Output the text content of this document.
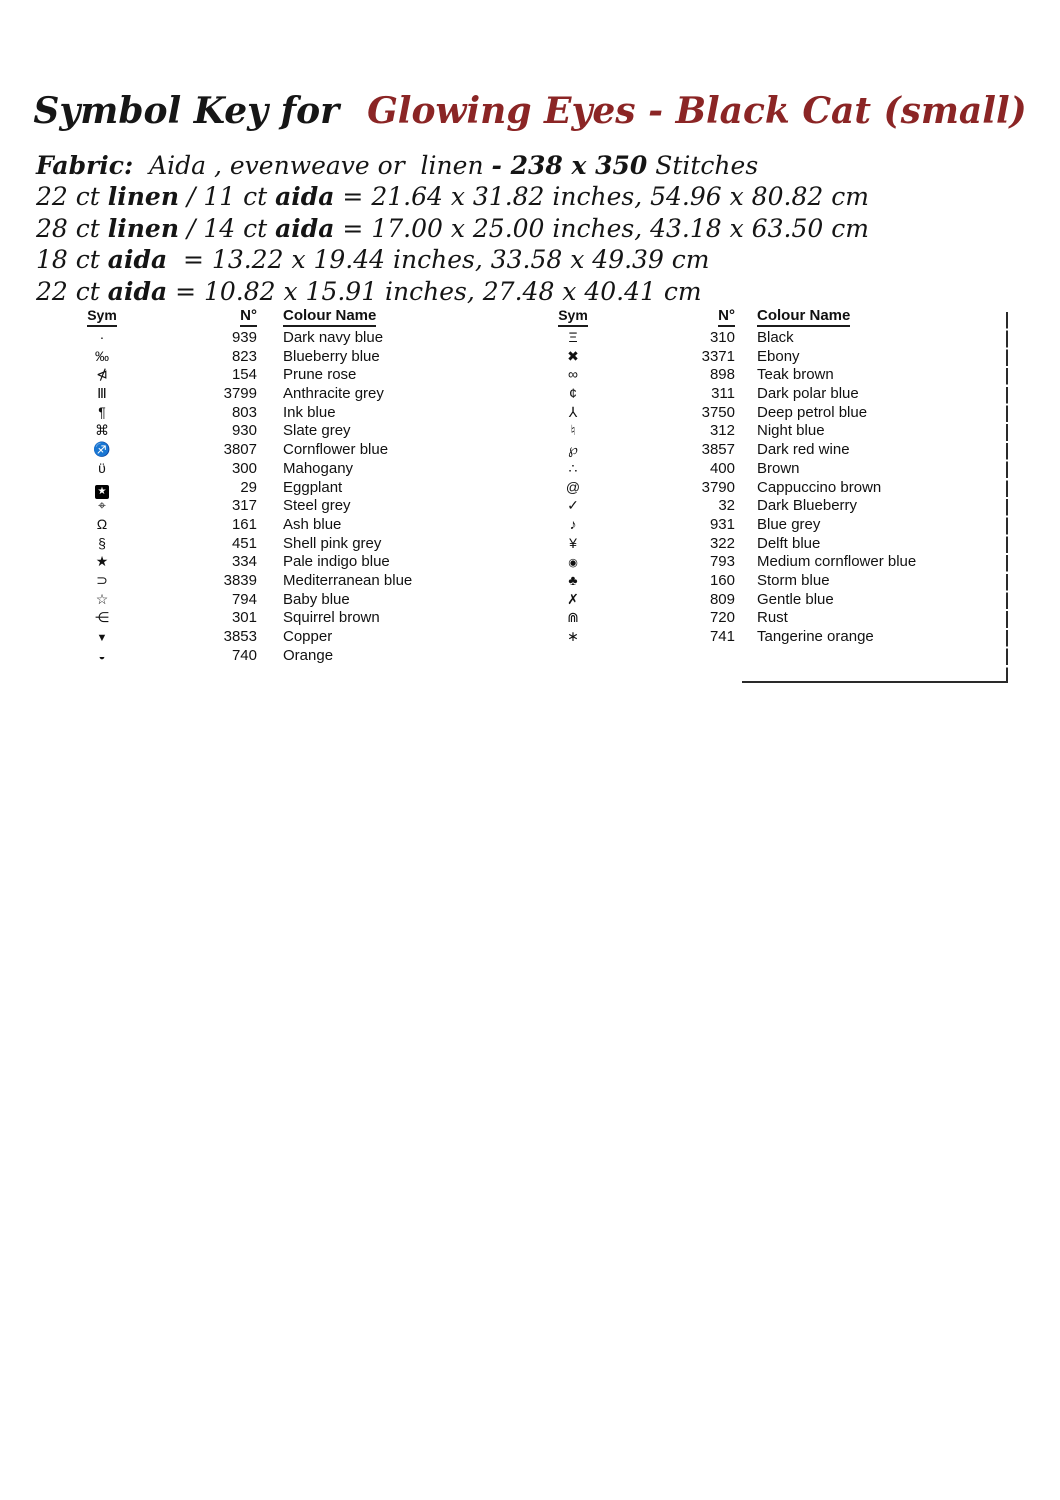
Symbol Key for Glowing Eyes - Black Cat (small)
Fabric:  Aida , evenweave or  linen - 238 x 350 Stitches
22 ct linen / 11 ct aida = 21.64 x 31.82 inches, 54.96 x 80.82 cm
28 ct linen / 14 ct aida = 17.00 x 25.00 inches, 43.18 x 63.50 cm
18 ct aida  = 13.22 x 19.44 inches, 33.58 x 49.39 cm
22 ct aida = 10.82 x 15.91 inches, 27.48 x 40.41 cm
Sym	N°	Colour Name
·	939	Dark navy blue
‰	823	Blueberry blue
⋪	154	Prune rose
Ⅲ	3799	Anthracite grey
¶	803	Ink blue
⌘	930	Slate grey
♐	3807	Cornflower blue
ϋ	300	Mahogany
★	29	Eggplant
⌖	317	Steel grey
Ω	161	Ash blue
§	451	Shell pink grey
★	334	Pale indigo blue
⊃	3839	Mediterranean blue
☆	794	Baby blue
⋲	301	Squirrel brown
▼	3853	Copper
◒	740	Orange
Sym	N°	Colour Name
Ξ	310	Black
✖	3371	Ebony
∞	898	Teak brown
¢	311	Dark polar blue
⅄	3750	Deep petrol blue
♮	312	Night blue
℘	3857	Dark red wine
∴	400	Brown
@	3790	Cappuccino brown
✓	32	Dark Blueberry
♪	931	Blue grey
¥	322	Delft blue
◉	793	Medium cornflower blue
♣	160	Storm blue
✗	809	Gentle blue
⋒	720	Rust
∗	741	Tangerine orange
